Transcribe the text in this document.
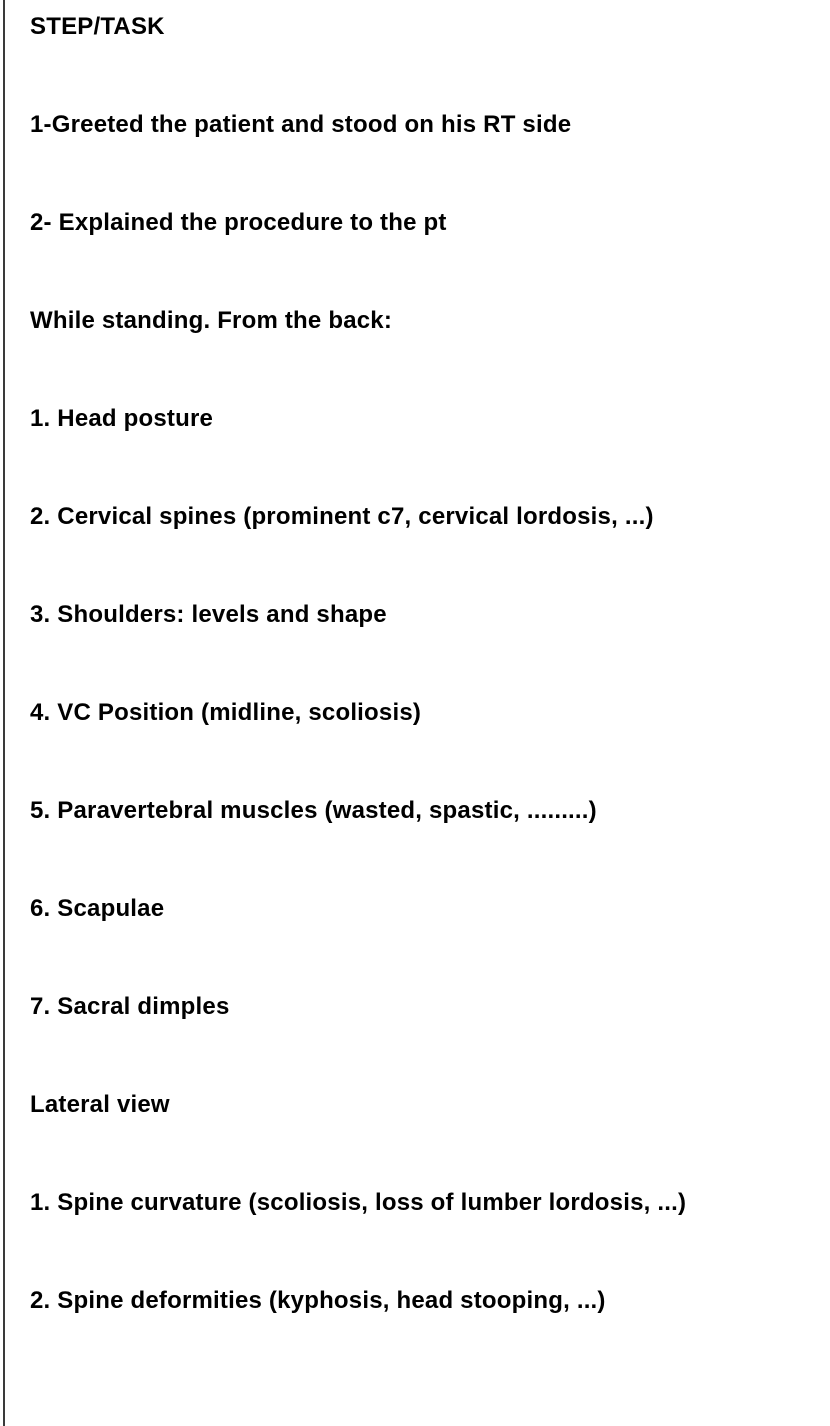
STEP/TASK
1-Greeted the patient and stood on his RT side
2- Explained the procedure to the pt
While standing. From the back:
1. Head posture
2. Cervical spines (prominent c7, cervical lordosis, ...)
3. Shoulders: levels and shape
4. VC Position (midline, scoliosis)
5. Paravertebral muscles (wasted, spastic, .........)
6. Scapulae
7. Sacral dimples
Lateral view
1. Spine curvature (scoliosis, loss of lumber lordosis, ...)
2. Spine deformities (kyphosis, head stooping, ...)
